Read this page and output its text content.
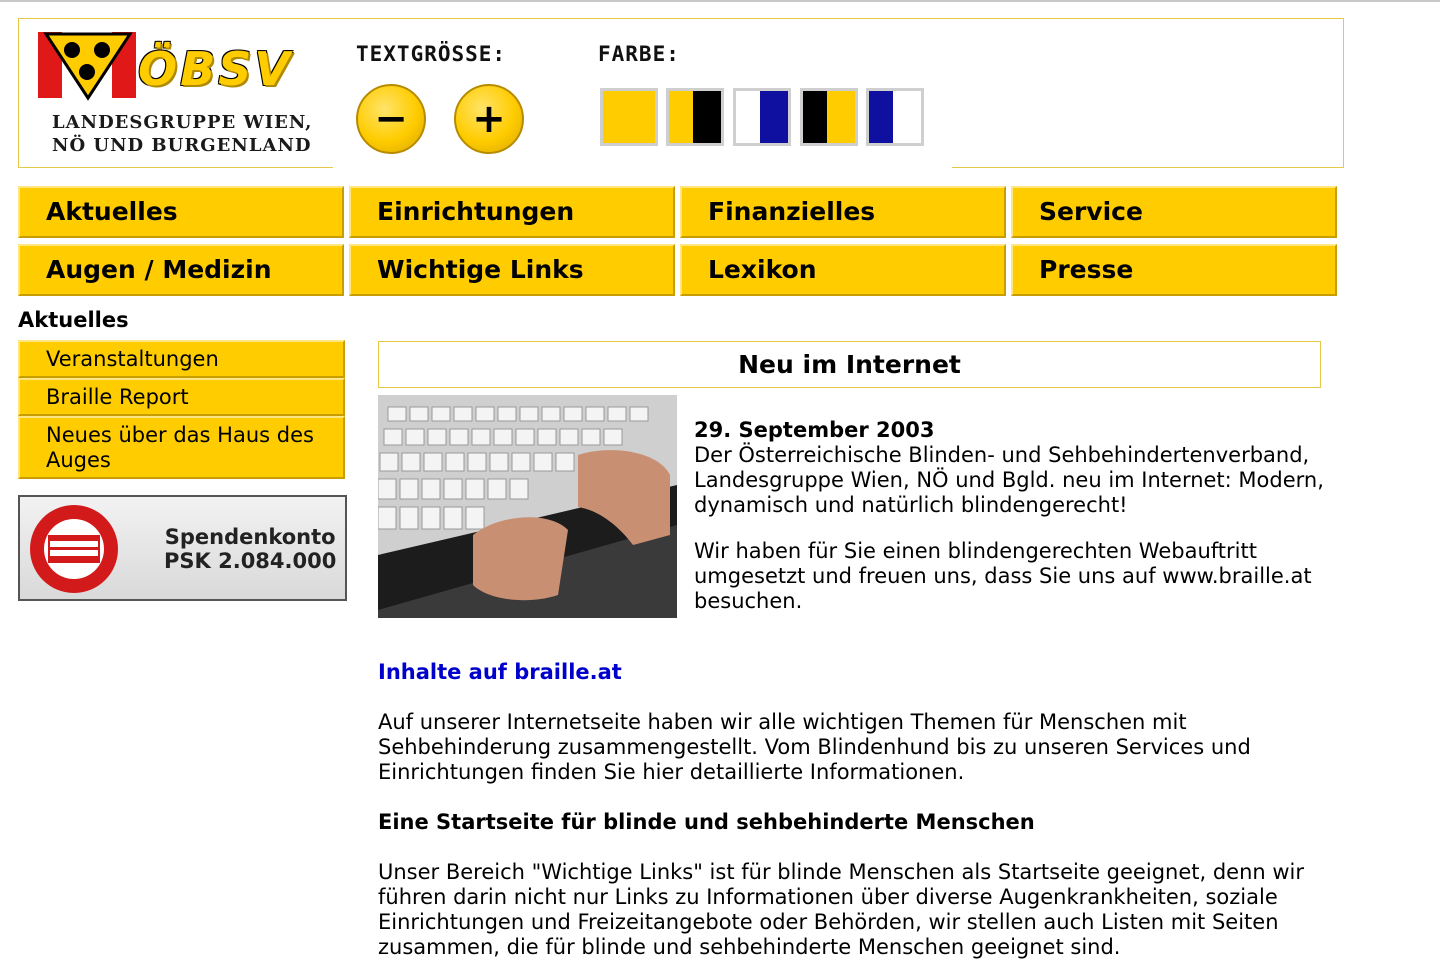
ÖBSV
LANDESGRUPPE WIEN,
NÖ UND BURGENLAND
TEXTGRÖSSE:
−	+
FARBE:
Aktuelles	Einrichtungen	Finanzielles	Service
Augen / Medizin	Wichtige Links	Lexikon	Presse
Aktuelles
Veranstaltungen
Braille Report
Neues über das Haus des Auges
Spendenkonto
PSK 2.084.000
Neu im Internet

29. September 2003
Der Österreichische Blinden- und Sehbehindertenverband, Landesgruppe Wien, NÖ und Bgld. neu im Internet: Modern, dynamisch und natürlich blindengerecht!

Wir haben für Sie einen blindengerechten Webauftritt umgesetzt und freuen uns, dass Sie uns auf www.braille.at besuchen.

Inhalte auf braille.at

Auf unserer Internetseite haben wir alle wichtigen Themen für Menschen mit Sehbehinderung zusammengestellt. Vom Blindenhund bis zu unseren Services und Einrichtungen finden Sie hier detaillierte Informationen.

Eine Startseite für blinde und sehbehinderte Menschen

Unser Bereich "Wichtige Links" ist für blinde Menschen als Startseite geeignet, denn wir führen darin nicht nur Links zu Informationen über diverse Augenkrankheiten, soziale Einrichtungen und Freizeitangebote oder Behörden, wir stellen auch Listen mit Seiten zusammen, die für blinde und sehbehinderte Menschen geeignet sind.
